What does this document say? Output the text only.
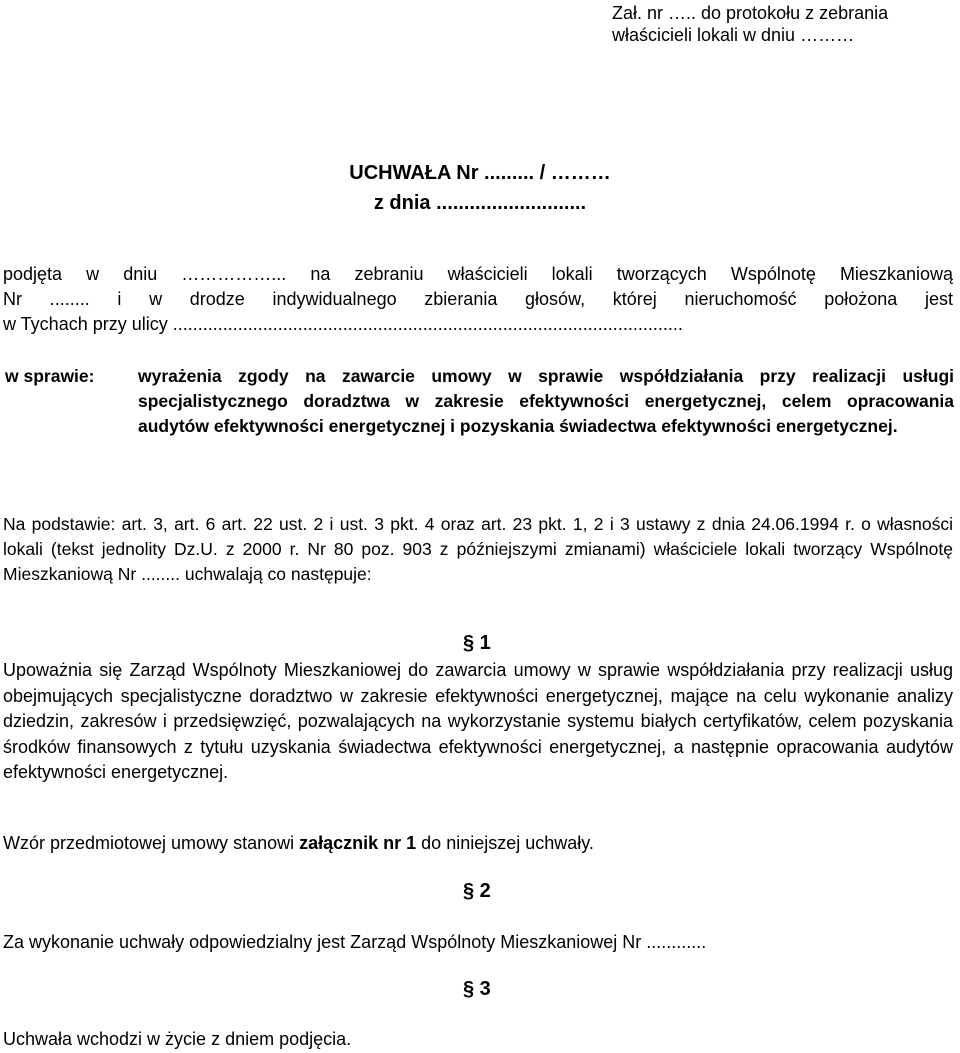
Zał. nr ….. do protokołu z zebrania
właścicieli lokali w dniu ………
UCHWAŁA Nr ......... / ………
z dnia ...........................
podjęta w dniu ……………... na zebraniu właścicieli lokali tworzących Wspólnotę Mieszkaniową
Nr ........ i w drodze indywidualnego zbierania głosów, której nieruchomość położona jest
w Tychach przy ulicy ......................................................................................................
w sprawie: wyrażenia zgody na zawarcie umowy w sprawie współdziałania przy realizacji usługi specjalistycznego doradztwa w zakresie efektywności energetycznej, celem opracowania audytów efektywności energetycznej i pozyskania świadectwa efektywności energetycznej.
Na podstawie: art. 3, art. 6 art. 22 ust. 2 i ust. 3 pkt. 4 oraz art. 23 pkt. 1, 2 i 3 ustawy z dnia 24.06.1994 r. o własności lokali (tekst jednolity Dz.U. z 2000 r. Nr 80 poz. 903 z późniejszymi zmianami) właściciele lokali tworzący Wspólnotę Mieszkaniową Nr ........ uchwalają co następuje:
§ 1
Upoważnia się Zarząd Wspólnoty Mieszkaniowej do zawarcia umowy w sprawie współdziałania przy realizacji usług obejmujących specjalistyczne doradztwo w zakresie efektywności energetycznej, mające na celu wykonanie analizy dziedzin, zakresów i przedsięwzięć, pozwalających na wykorzystanie systemu białych certyfikatów, celem pozyskania środków finansowych z tytułu uzyskania świadectwa efektywności energetycznej, a następnie opracowania audytów efektywności energetycznej.
Wzór przedmiotowej umowy stanowi załącznik nr 1 do niniejszej uchwały.
§ 2
Za wykonanie uchwały odpowiedzialny jest Zarząd Wspólnoty Mieszkaniowej Nr ............
§ 3
Uchwała wchodzi w życie z dniem podjęcia.
